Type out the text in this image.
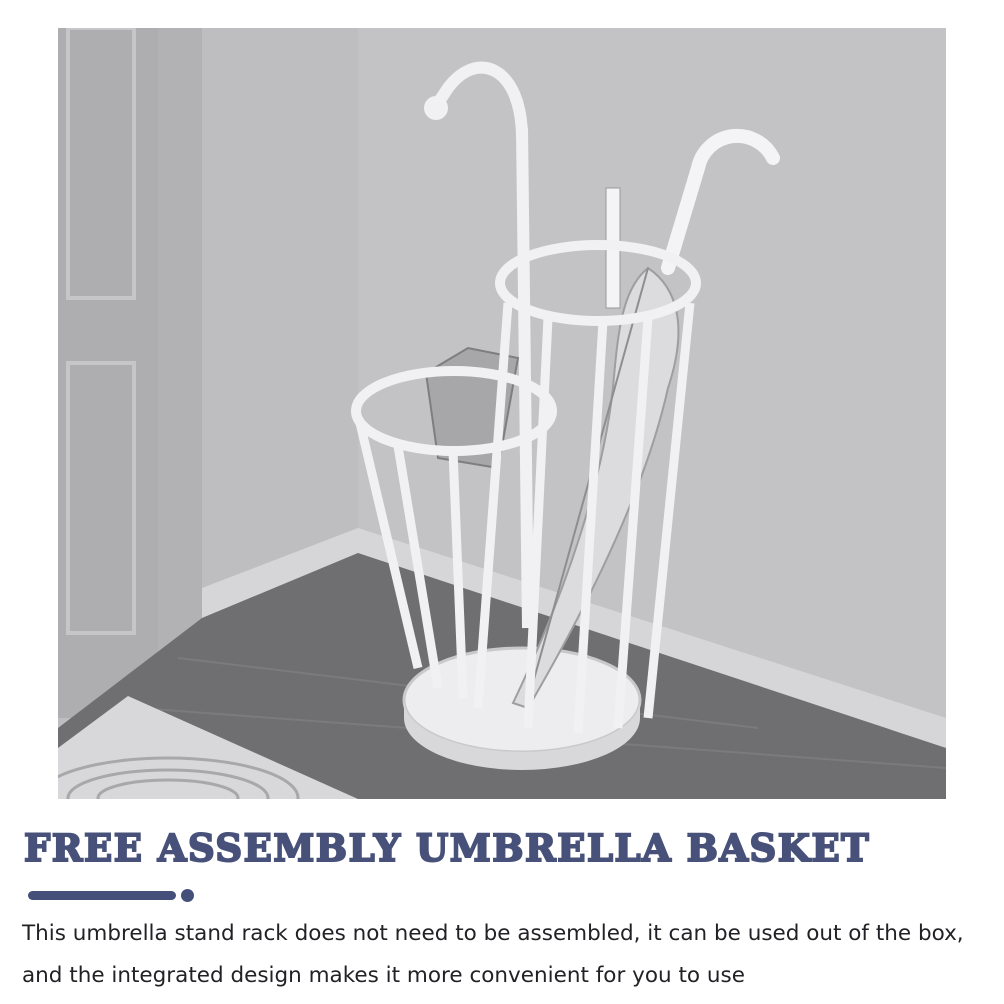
FREE ASSEMBLY UMBRELLA BASKET

This umbrella stand rack does not need to be assembled, it can be used out of the box,

and the integrated design makes it more convenient for you to use
